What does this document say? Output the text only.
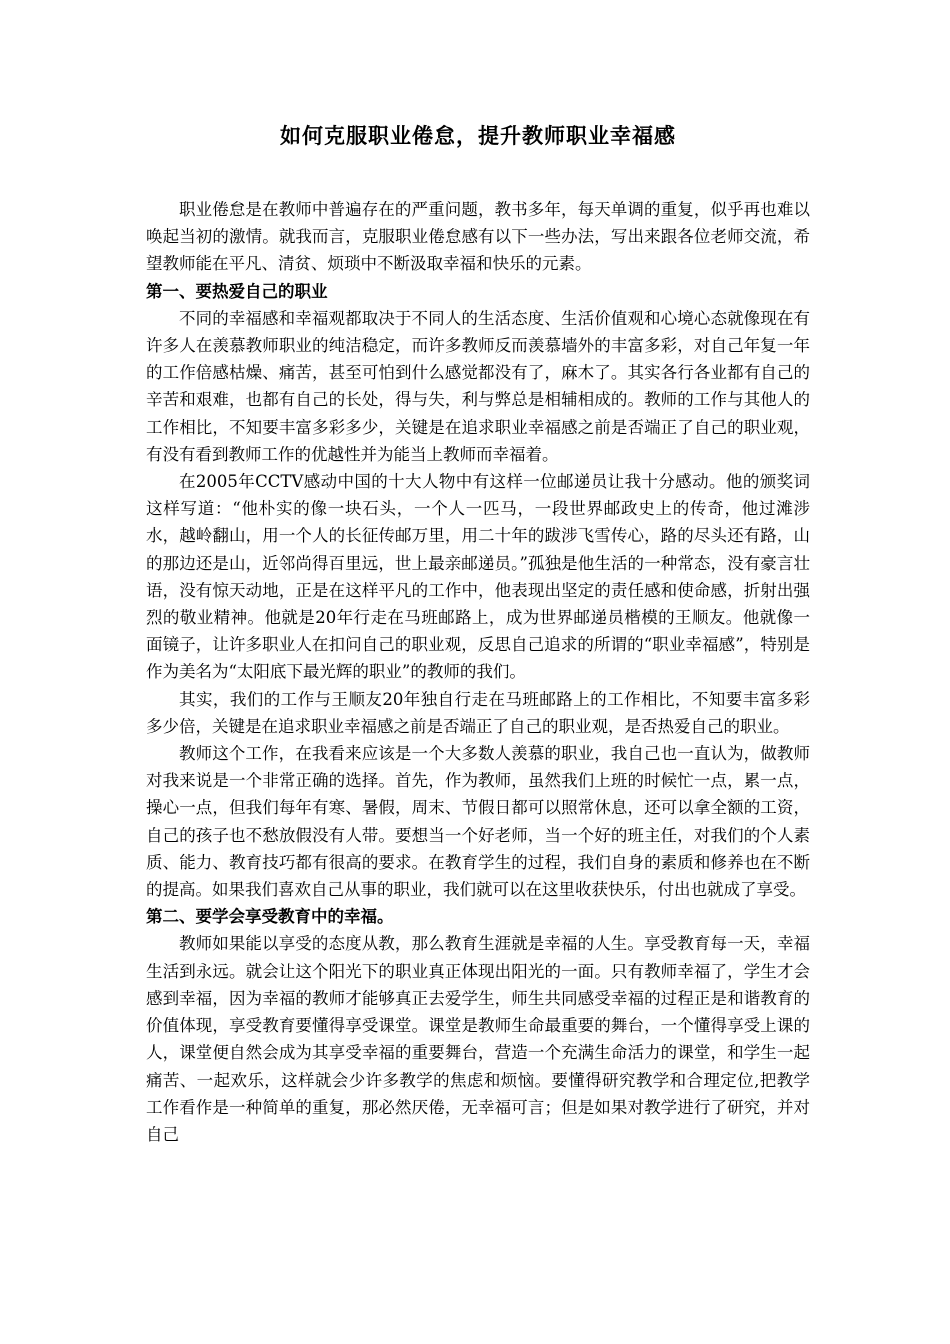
如何克服职业倦怠，提升教师职业幸福感

职业倦怠是在教师中普遍存在的严重问题，教书多年，每天单调的重复，似乎再也难以唤起当初的激情。就我而言，克服职业倦怠感有以下一些办法，写出来跟各位老师交流，希望教师能在平凡、清贫、烦琐中不断汲取幸福和快乐的元素。

第一、要热爱自己的职业

不同的幸福感和幸福观都取决于不同人的生活态度、生活价值观和心境心态就像现在有许多人在羡慕教师职业的纯洁稳定，而许多教师反而羡慕墙外的丰富多彩，对自己年复一年的工作倍感枯燥、痛苦，甚至可怕到什么感觉都没有了，麻木了。其实各行各业都有自己的辛苦和艰难，也都有自己的长处，得与失，利与弊总是相辅相成的。教师的工作与其他人的工作相比，不知要丰富多彩多少，关键是在追求职业幸福感之前是否端正了自己的职业观，有没有看到教师工作的优越性并为能当上教师而幸福着。

在2005年CCTV感动中国的十大人物中有这样一位邮递员让我十分感动。他的颁奖词这样写道：“他朴实的像一块石头，一个人一匹马，一段世界邮政史上的传奇，他过滩涉水，越岭翻山，用一个人的长征传邮万里，用二十年的跋涉飞雪传心，路的尽头还有路，山的那边还是山，近邻尚得百里远，世上最亲邮递员。”孤独是他生活的一种常态，没有豪言壮语，没有惊天动地，正是在这样平凡的工作中，他表现出坚定的责任感和使命感，折射出强烈的敬业精神。他就是20年行走在马班邮路上，成为世界邮递员楷模的王顺友。他就像一面镜子，让许多职业人在扣问自己的职业观，反思自己追求的所谓的“职业幸福感”，特别是作为美名为“太阳底下最光辉的职业”的教师的我们。

其实，我们的工作与王顺友20年独自行走在马班邮路上的工作相比，不知要丰富多彩多少倍，关键是在追求职业幸福感之前是否端正了自己的职业观，是否热爱自己的职业。

教师这个工作，在我看来应该是一个大多数人羡慕的职业，我自己也一直认为，做教师对我来说是一个非常正确的选择。首先，作为教师，虽然我们上班的时候忙一点，累一点，操心一点，但我们每年有寒、暑假，周末、节假日都可以照常休息，还可以拿全额的工资，自己的孩子也不愁放假没有人带。要想当一个好老师，当一个好的班主任，对我们的个人素质、能力、教育技巧都有很高的要求。在教育学生的过程，我们自身的素质和修养也在不断的提高。如果我们喜欢自己从事的职业，我们就可以在这里收获快乐，付出也就成了享受。

第二、要学会享受教育中的幸福。

教师如果能以享受的态度从教，那么教育生涯就是幸福的人生。享受教育每一天，幸福生活到永远。就会让这个阳光下的职业真正体现出阳光的一面。只有教师幸福了，学生才会感到幸福，因为幸福的教师才能够真正去爱学生，师生共同感受幸福的过程正是和谐教育的价值体现，享受教育要懂得享受课堂。课堂是教师生命最重要的舞台，一个懂得享受上课的人，课堂便自然会成为其享受幸福的重要舞台，营造一个充满生命活力的课堂，和学生一起痛苦、一起欢乐，这样就会少许多教学的焦虑和烦恼。要懂得研究教学和合理定位,把教学工作看作是一种简单的重复，那必然厌倦，无幸福可言；但是如果对教学进行了研究，并对自己
